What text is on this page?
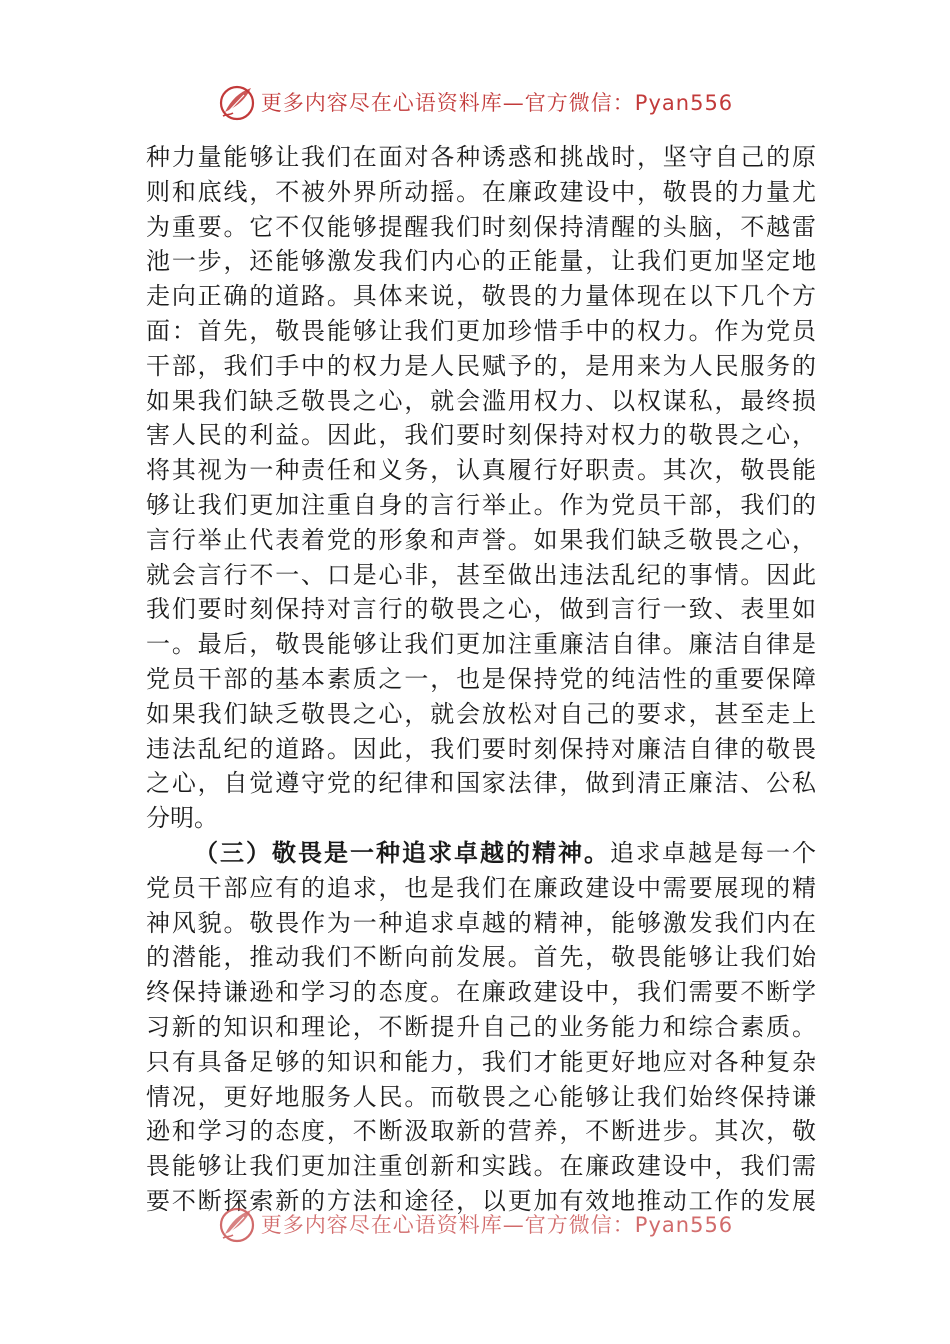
更多内容尽在心语资料库—官方微信：Pyan556
种力量能够让我们在面对各种诱惑和挑战时，坚守自己的原
则和底线，不被外界所动摇。在廉政建设中，敬畏的力量尤
为重要。它不仅能够提醒我们时刻保持清醒的头脑，不越雷
池一步，还能够激发我们内心的正能量，让我们更加坚定地
走向正确的道路。具体来说，敬畏的力量体现在以下几个方
面：首先，敬畏能够让我们更加珍惜手中的权力。作为党员
干部，我们手中的权力是人民赋予的，是用来为人民服务的
如果我们缺乏敬畏之心，就会滥用权力、以权谋私，最终损
害人民的利益。因此，我们要时刻保持对权力的敬畏之心，
将其视为一种责任和义务，认真履行好职责。其次，敬畏能
够让我们更加注重自身的言行举止。作为党员干部，我们的
言行举止代表着党的形象和声誉。如果我们缺乏敬畏之心，
就会言行不一、口是心非，甚至做出违法乱纪的事情。因此
我们要时刻保持对言行的敬畏之心，做到言行一致、表里如
一。最后，敬畏能够让我们更加注重廉洁自律。廉洁自律是
党员干部的基本素质之一，也是保持党的纯洁性的重要保障
如果我们缺乏敬畏之心，就会放松对自己的要求，甚至走上
违法乱纪的道路。因此，我们要时刻保持对廉洁自律的敬畏
之心，自觉遵守党的纪律和国家法律，做到清正廉洁、公私
分明。
（三）敬畏是一种追求卓越的精神。追求卓越是每一个
党员干部应有的追求，也是我们在廉政建设中需要展现的精
神风貌。敬畏作为一种追求卓越的精神，能够激发我们内在
的潜能，推动我们不断向前发展。首先，敬畏能够让我们始
终保持谦逊和学习的态度。在廉政建设中，我们需要不断学
习新的知识和理论，不断提升自己的业务能力和综合素质。
只有具备足够的知识和能力，我们才能更好地应对各种复杂
情况，更好地服务人民。而敬畏之心能够让我们始终保持谦
逊和学习的态度，不断汲取新的营养，不断进步。其次，敬
畏能够让我们更加注重创新和实践。在廉政建设中，我们需
要不断探索新的方法和途径，以更加有效地推动工作的发展
更多内容尽在心语资料库—官方微信：Pyan556
